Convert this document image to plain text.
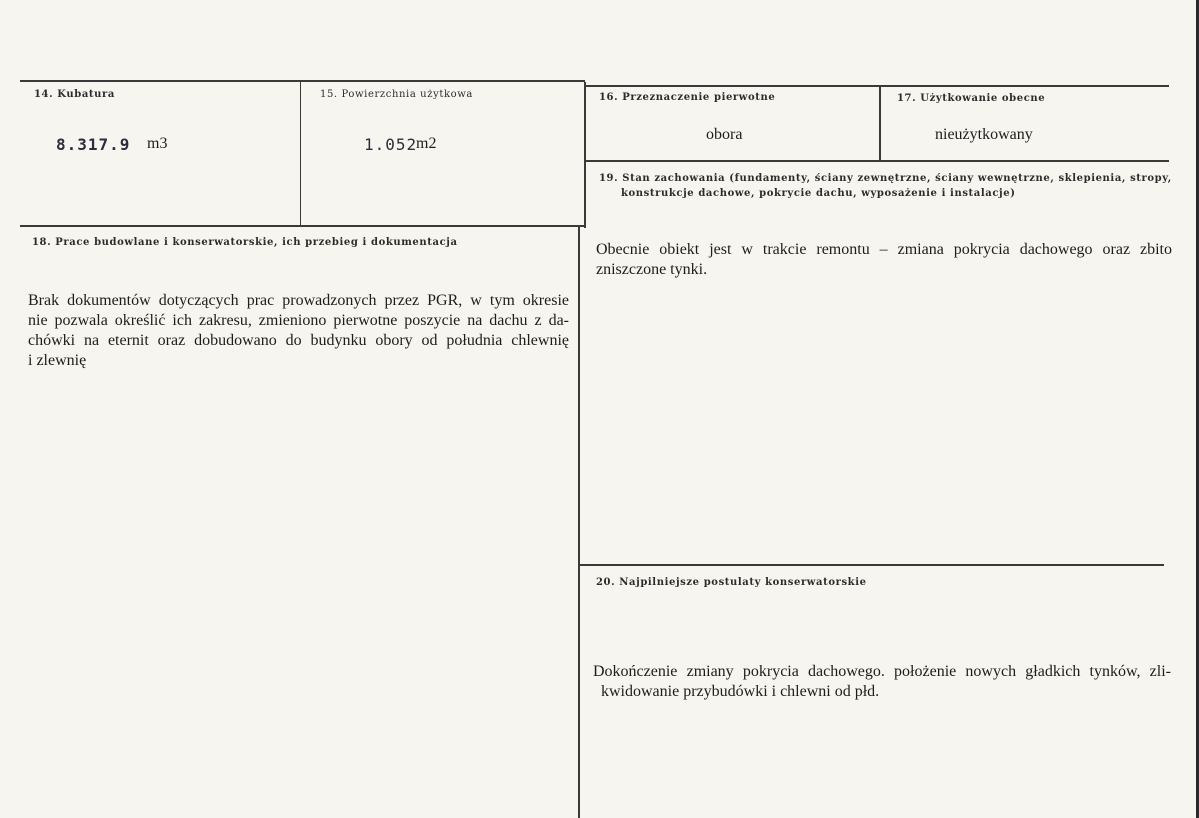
14. Kubatura
8.317.9 m3
15. Powierzchnia użytkowa
1.052
m2
16. Przeznaczenie pierwotne
obora
17. Użytkowanie obecne
nieużytkowany
19. Stan zachowania (fundamenty, ściany zewnętrzne, ściany wewnętrzne, sklepienia, stropy,
konstrukcje dachowe, pokrycie dachu, wyposażenie i instalacje)
Obecnie obiekt jest w trakcie remontu – zmiana pokrycia dachowego oraz zbito
zniszczone tynki.
18. Prace budowlane i konserwatorskie, ich przebieg i dokumentacja
Brak dokumentów dotyczących prac prowadzonych przez PGR, w tym okresie
nie pozwala określić ich zakresu, zmieniono pierwotne poszycie na dachu z da-
chówki na eternit oraz dobudowano do budynku obory od południa chlewnię
i zlewnię
20. Najpilniejsze postulaty konserwatorskie
Dokończenie zmiany pokrycia dachowego. położenie nowych gładkich tynków, zli-
kwidowanie przybudówki i chlewni od płd.
